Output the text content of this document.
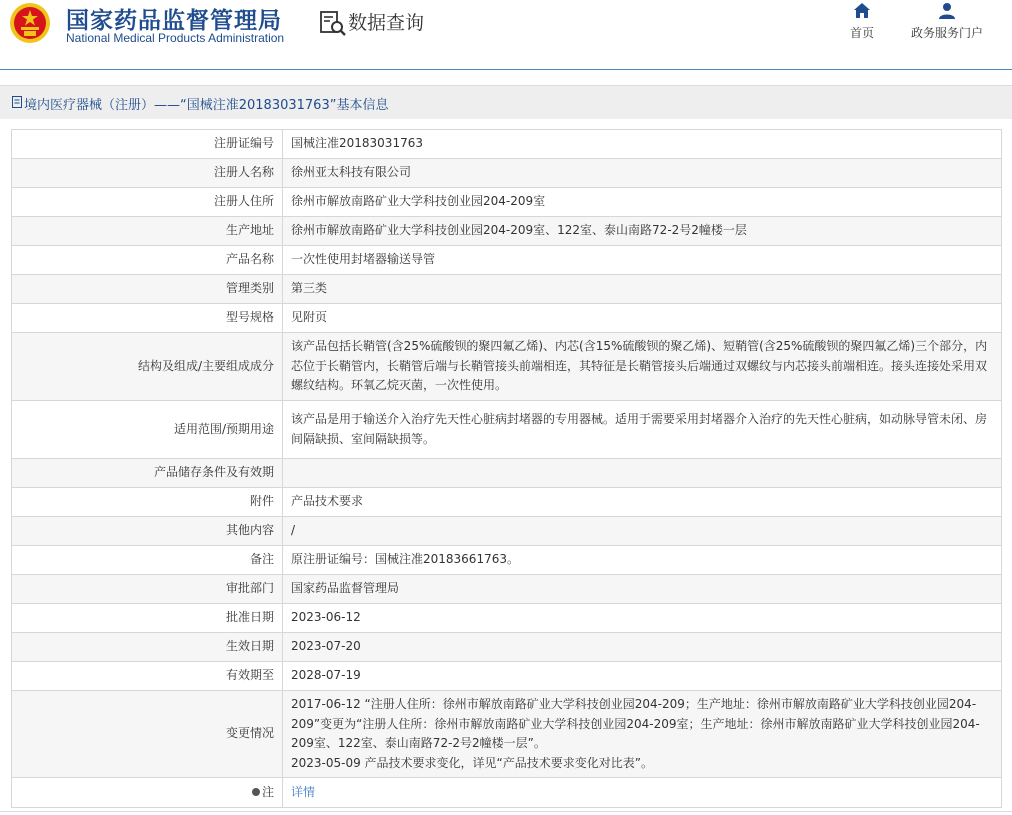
国家药品监督管理局
National Medical Products Administration
数据查询	首页	政务服务门户
境内医疗器械（注册）——“国械注准20183031763”基本信息
注册证编号	国械注准20183031763
注册人名称	徐州亚太科技有限公司
注册人住所	徐州市解放南路矿业大学科技创业园204-209室
生产地址	徐州市解放南路矿业大学科技创业园204-209室、122室、泰山南路72-2号2幢楼一层
产品名称	一次性使用封堵器输送导管
管理类别	第三类
型号规格	见附页
结构及组成/主要组成成分	该产品包括长鞘管(含25%硫酸钡的聚四氟乙烯)、内芯(含15%硫酸钡的聚乙烯)、短鞘管(含25%硫酸钡的聚四氟乙烯)三个部分，内芯位于长鞘管内，长鞘管后端与长鞘管接头前端相连，其特征是长鞘管接头后端通过双螺纹与内芯接头前端相连。接头连接处采用双螺纹结构。环氧乙烷灭菌，一次性使用。
适用范围/预期用途	该产品是用于输送介入治疗先天性心脏病封堵器的专用器械。适用于需要采用封堵器介入治疗的先天性心脏病，如动脉导管未闭、房间隔缺损、室间隔缺损等。
产品储存条件及有效期	
附件	产品技术要求
其他内容	/
备注	原注册证编号：国械注准20183661763。
审批部门	国家药品监督管理局
批准日期	2023-06-12
生效日期	2023-07-20
有效期至	2028-07-19
变更情况	2017-06-12 “注册人住所：徐州市解放南路矿业大学科技创业园204-209；生产地址：徐州市解放南路矿业大学科技创业园204-209”变更为“注册人住所：徐州市解放南路矿业大学科技创业园204-209室；生产地址：徐州市解放南路矿业大学科技创业园204-209室、122室、泰山南路72-2号2幢楼一层”。
2023-05-09 产品技术要求变化，详见“产品技术要求变化对比表”。

注	详情
